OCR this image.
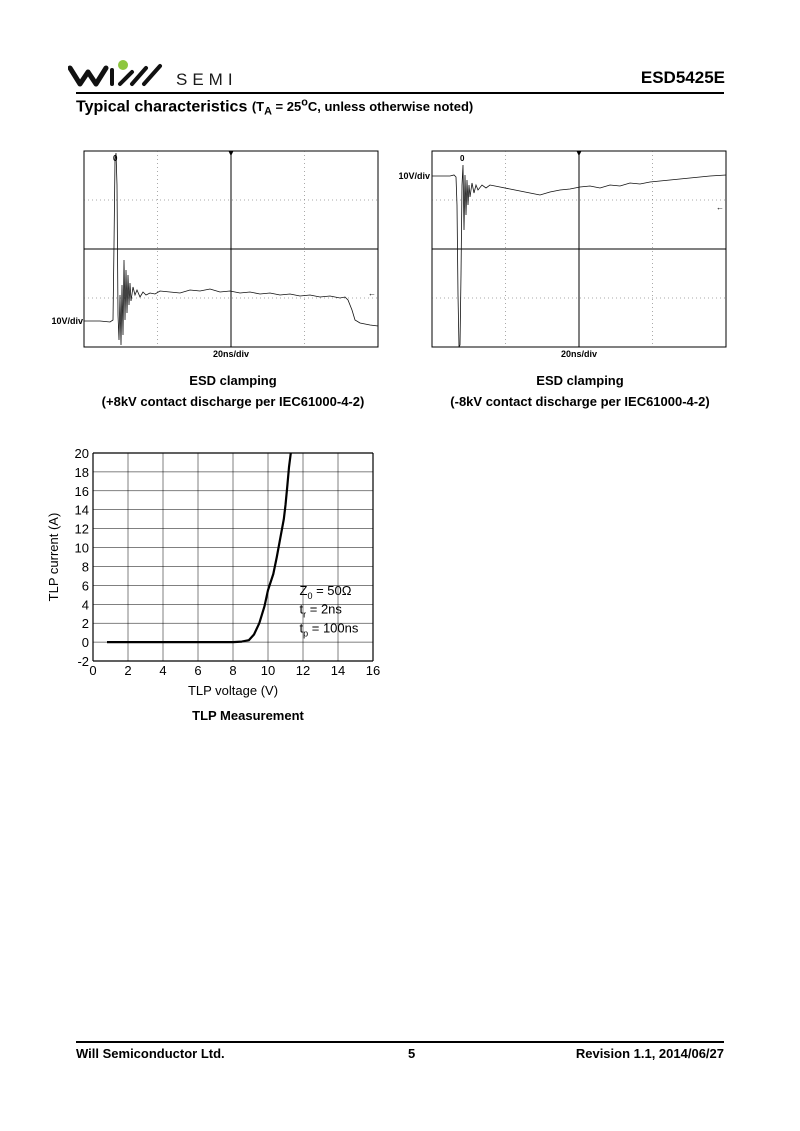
SEMI	ESD5425E
Typical characteristics ($T_A = 25^oC$, unless otherwise noted)
0
▼
←
10V/div
20ns/div
ESD clamping
(+8kV contact discharge per IEC61000-4-2)
0
▼
←
10V/div
20ns/div
ESD clamping
(-8kV contact discharge per IEC61000-4-2)
-2
0
2
4
6
8
10
12
14
16
18
20
0 2 4 6 8 10 12 14 16
TLP voltage (V)
TLP current (A)	$Z_0 = 50\Omega$
$t_r = 2ns$
$t_p = 100ns$
TLP Measurement
Will Semiconductor Ltd.	5	Revision 1.1, 2014/06/27
